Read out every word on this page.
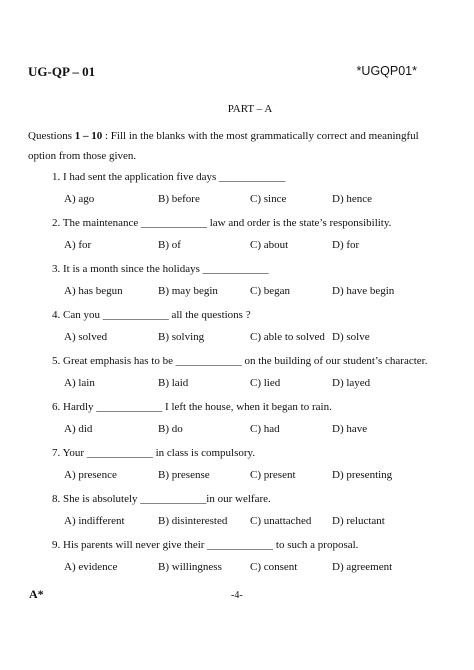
UG-QP – 01	*UGQP01*
PART – A
Questions 1 – 10 : Fill in the blanks with the most grammatically correct and meaningful option from those given.
1. I had sent the application five days ____________
A) ago	B) before	C) since	D) hence
2. The maintenance ____________ law and order is the state’s responsibility.
A) for	B) of	C) about	D) for
3. It is a month since the holidays ____________
A) has begun	B) may begin	C) began	D) have begin
4. Can you ____________ all the questions ?
A) solved	B) solving	C) able to solved D) solve
5. Great emphasis has to be ____________ on the building of our student’s character.
A) lain	B) laid	C) lied	D) layed
6. Hardly ____________ I left the house, when it began to rain.
A) did	B) do	C) had	D) have
7. Your ____________ in class is compulsory.
A) presence	B) presense	C) present	D) presenting
8. She is absolutely ____________in our welfare.
A) indifferent	B) disinterested C) unattached D) reluctant
9. His parents will never give their ____________ to such a proposal.
A) evidence	B) willingness	C) consent	D) agreement
A*	-4-
